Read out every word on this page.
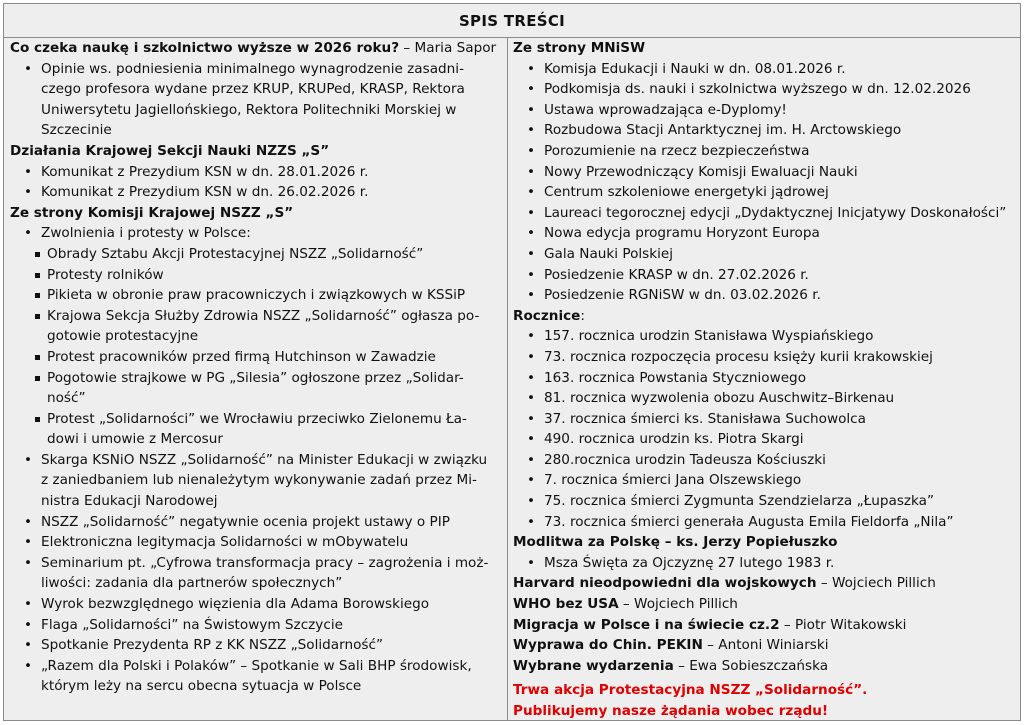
SPIS TREŚCI
Co czeka naukę i szkolnictwo wyższe w 2026 roku? – Maria Sapor
• Opinie ws. podniesienia minimalnego wynagrodzenie zasadni-
czego profesora wydane przez KRUP, KRUPed, KRASP, Rektora
Uniwersytetu Jagiellońskiego, Rektora Politechniki Morskiej w
Szczecinie
Działania Krajowej Sekcji Nauki NZZS „S”
• Komunikat z Prezydium KSN w dn. 28.01.2026 r.
• Komunikat z Prezydium KSN w dn. 26.02.2026 r.
Ze strony Komisji Krajowej NSZZ „S”
• Zwolnienia i protesty w Polsce:
Obrady Sztabu Akcji Protestacyjnej NSZZ „Solidarność”
Protesty rolników
Pikieta w obronie praw pracowniczych i związkowych w KSSiP
Krajowa Sekcja Służby Zdrowia NSZZ „Solidarność” ogłasza po-
gotowie protestacyjne
Protest pracowników przed firmą Hutchinson w Zawadzie
Pogotowie strajkowe w PG „Silesia” ogłoszone przez „Solidar-
ność”
Protest „Solidarności” we Wrocławiu przeciwko Zielonemu Ła-
dowi i umowie z Mercosur
• Skarga KSNiO NSZZ „Solidarność” na Minister Edukacji w związku
z zaniedbaniem lub nienależytym wykonywanie zadań przez Mi-
nistra Edukacji Narodowej
• NSZZ „Solidarność” negatywnie ocenia projekt ustawy o PIP
• Elektroniczna legitymacja Solidarności w mObywatelu
• Seminarium pt. „Cyfrowa transformacja pracy – zagrożenia i moż-
liwości: zadania dla partnerów społecznych”
• Wyrok bezwzględnego więzienia dla Adama Borowskiego
• Flaga „Solidarności” na Świstowym Szczycie
• Spotkanie Prezydenta RP z KK NSZZ „Solidarność”
• „Razem dla Polski i Polaków” – Spotkanie w Sali BHP środowisk,
którym leży na sercu obecna sytuacja w Polsce
Ze strony MNiSW
• Komisja Edukacji i Nauki w dn. 08.01.2026 r.
• Podkomisja ds. nauki i szkolnictwa wyższego w dn. 12.02.2026
• Ustawa wprowadzająca e-Dyplomy!
• Rozbudowa Stacji Antarktycznej im. H. Arctowskiego
• Porozumienie na rzecz bezpieczeństwa
• Nowy Przewodniczący Komisji Ewaluacji Nauki
• Centrum szkoleniowe energetyki jądrowej
• Laureaci tegorocznej edycji „Dydaktycznej Inicjatywy Doskonałości”
• Nowa edycja programu Horyzont Europa
• Gala Nauki Polskiej
• Posiedzenie KRASP w dn. 27.02.2026 r.
• Posiedzenie RGNiSW w dn. 03.02.2026 r.
Rocznice:
• 157. rocznica urodzin Stanisława Wyspiańskiego
• 73. rocznica rozpoczęcia procesu księży kurii krakowskiej
• 163. rocznica Powstania Styczniowego
• 81. rocznica wyzwolenia obozu Auschwitz–Birkenau
• 37. rocznica śmierci ks. Stanisława Suchowolca
• 490. rocznica urodzin ks. Piotra Skargi
• 280.rocznica urodzin Tadeusza Kościuszki
• 7. rocznica śmierci Jana Olszewskiego
• 75. rocznica śmierci Zygmunta Szendzielarza „Łupaszka”
• 73. rocznica śmierci generała Augusta Emila Fieldorfa „Nila”
Modlitwa za Polskę – ks. Jerzy Popiełuszko
• Msza Święta za Ojczyznę 27 lutego 1983 r.
Harvard nieodpowiedni dla wojskowych – Wojciech Pillich
WHO bez USA – Wojciech Pillich
Migracja w Polsce i na świecie cz.2 – Piotr Witakowski
Wyprawa do Chin. PEKIN – Antoni Winiarski
Wybrane wydarzenia – Ewa Sobieszczańska
Trwa akcja Protestacyjna NSZZ „Solidarność”.
Publikujemy nasze żądania wobec rządu!
